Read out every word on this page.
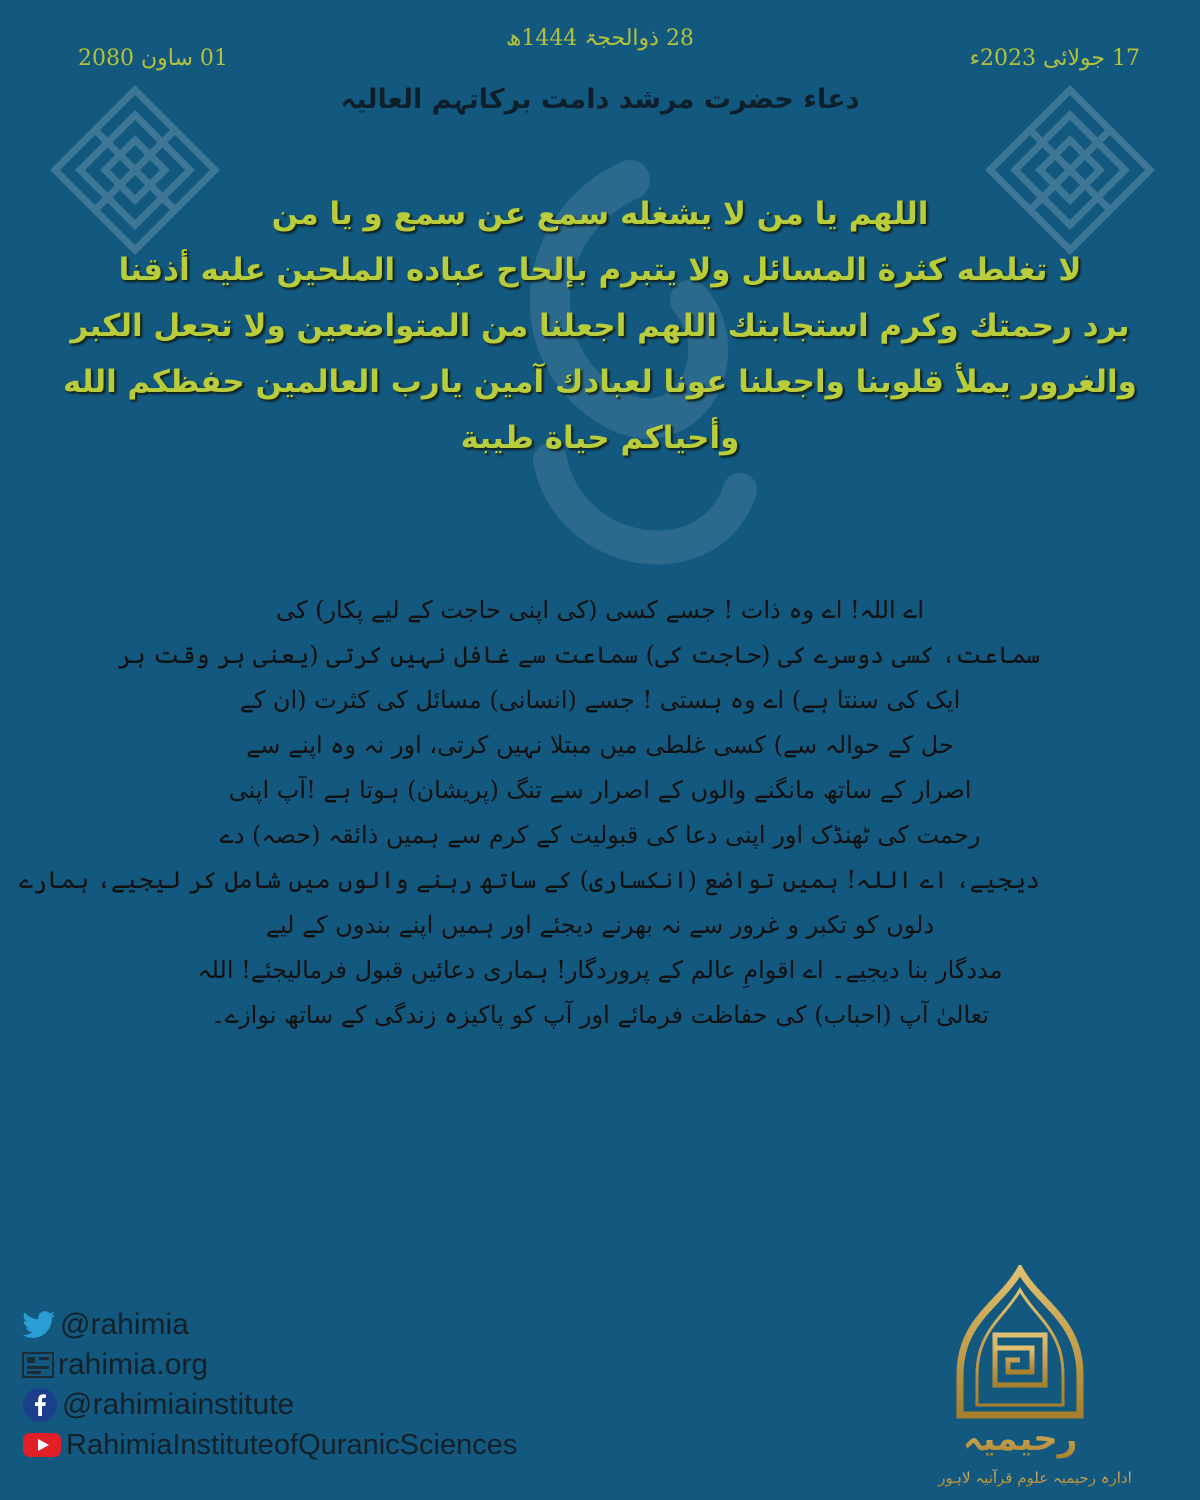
28 ذوالحجۃ 1444ھ
17 جولائی 2023ء
01 ساون 2080
دعاء حضرت مرشد دامت برکاتہم العالیہ
اللهم يا من لا يشغله سمع عن سمع و يا من
لا تغلطه كثرة المسائل ولا يتبرم بإلحاح عباده الملحين عليه أذقنا
برد رحمتك وكرم استجابتك اللهم اجعلنا من المتواضعين ولا تجعل الكبر
والغرور يملأ قلوبنا واجعلنا عونا لعبادك آمين يارب العالمين حفظكم الله
وأحياكم حياة طيبة
اے اللہ! اے وہ ذات ! جسے کسی (کی اپنی حاجت کے لیے پکار) کی
سماعت، کسی دوسرے کی (حاجت کی) سماعت سے غافل نہیں کرتی (یعنی ہر وقت ہر
ایک کی سنتا ہے) اے وہ ہستی ! جسے (انسانی) مسائل کی کثرت (ان کے
حل کے حوالہ سے) کسی غلطی میں مبتلا نہیں کرتی، اور نہ وہ اپنے سے
اصرار کے ساتھ مانگنے والوں کے اصرار سے تنگ (پریشان) ہوتا ہے !آپ اپنی
رحمت کی ٹھنڈک اور اپنی دعا کی قبولیت کے کرم سے ہمیں ذائقہ (حصہ) دے
دیجیے، اے اللہ! ہمیں تواضع (انکساری) کے ساتھ رہنے والوں میں شامل کر لیجیے، ہمارے
دلوں کو تکبر و غرور سے نہ بھرنے دیجئے اور ہمیں اپنے بندوں کے لیے
مددگار بنا دیجیے۔ اے اقوامِ عالم کے پروردگار! ہماری دعائیں قبول فرمالیجئے! اللہ
تعالیٰ آپ (احباب) کی حفاظت فرمائے اور آپ کو پاکیزہ زندگی کے ساتھ نوازے۔
@rahimia
rahimia.org
@rahimiainstitute
RahimiaInstituteofQuranicSciences	رحیمیہ
ادارہ رحیمیہ علوم قرآنیہ لاہور
